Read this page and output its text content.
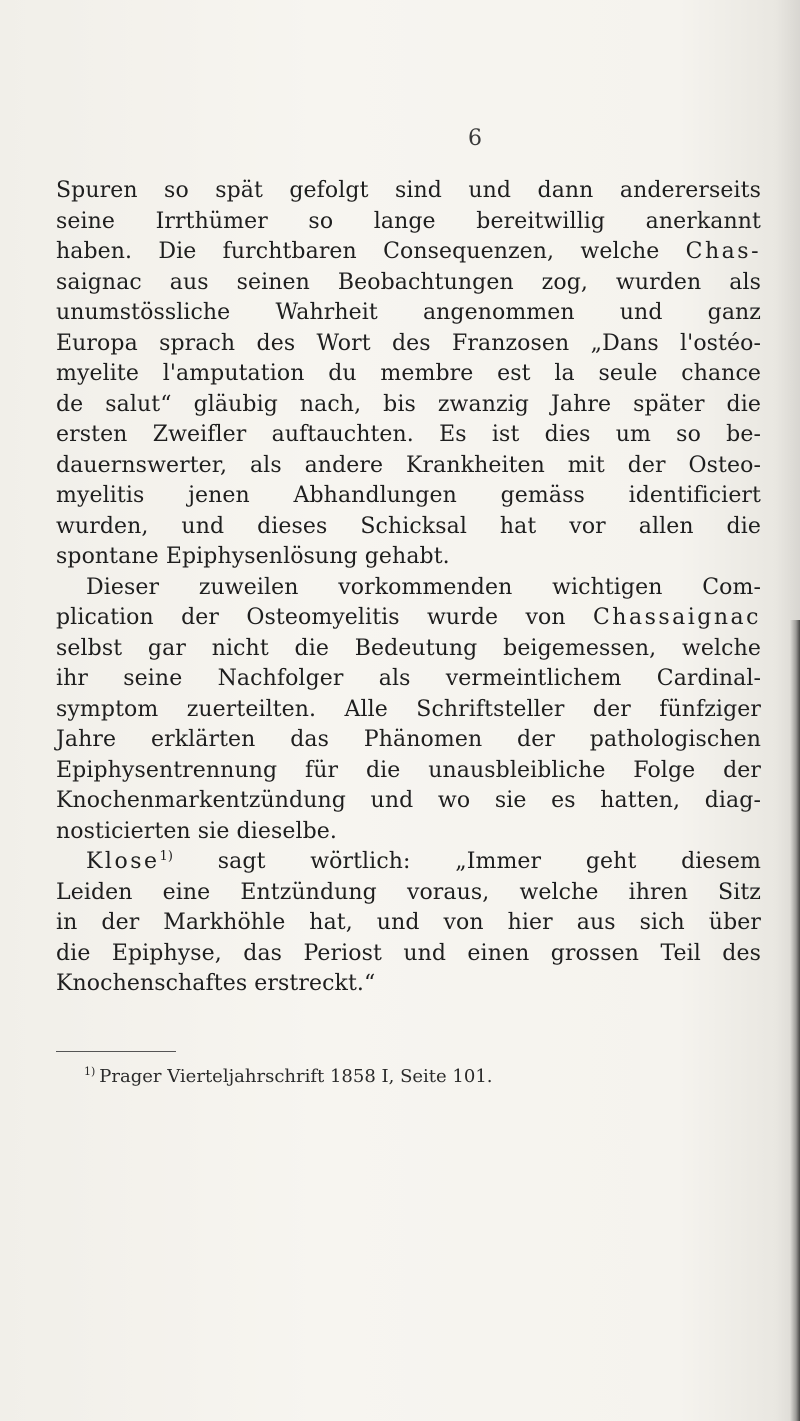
6
Spuren so spät gefolgt sind und dann andererseits
seine Irrthümer so lange bereitwillig anerkannt
haben. Die furchtbaren Consequenzen, welche Chas-
saignac aus seinen Beobachtungen zog, wurden als
unumstössliche Wahrheit angenommen und ganz
Europa sprach des Wort des Franzosen „Dans l'ostéo-
myelite l'amputation du membre est la seule chance
de salut“ gläubig nach, bis zwanzig Jahre später die
ersten Zweifler auftauchten. Es ist dies um so be-
dauernswerter, als andere Krankheiten mit der Osteo-
myelitis jenen Abhandlungen gemäss identificiert
wurden, und dieses Schicksal hat vor allen die
spontane Epiphysenlösung gehabt.
Dieser zuweilen vorkommenden wichtigen Com-
plication der Osteomyelitis wurde von Chassaignac
selbst gar nicht die Bedeutung beigemessen, welche
ihr seine Nachfolger als vermeintlichem Cardinal-
symptom zuerteilten. Alle Schriftsteller der fünfziger
Jahre erklärten das Phänomen der pathologischen
Epiphysentrennung für die unausbleibliche Folge der
Knochenmarkentzündung und wo sie es hatten, diag-
nosticierten sie dieselbe.
Klose$^{1)}$ sagt wörtlich: „Immer geht diesem
Leiden eine Entzündung voraus, welche ihren Sitz
in der Markhöhle hat, und von hier aus sich über
die Epiphyse, das Periost und einen grossen Teil des
Knochenschaftes erstreckt.“
$^{1)}$ Prager Vierteljahrschrift 1858 I, Seite 101.
